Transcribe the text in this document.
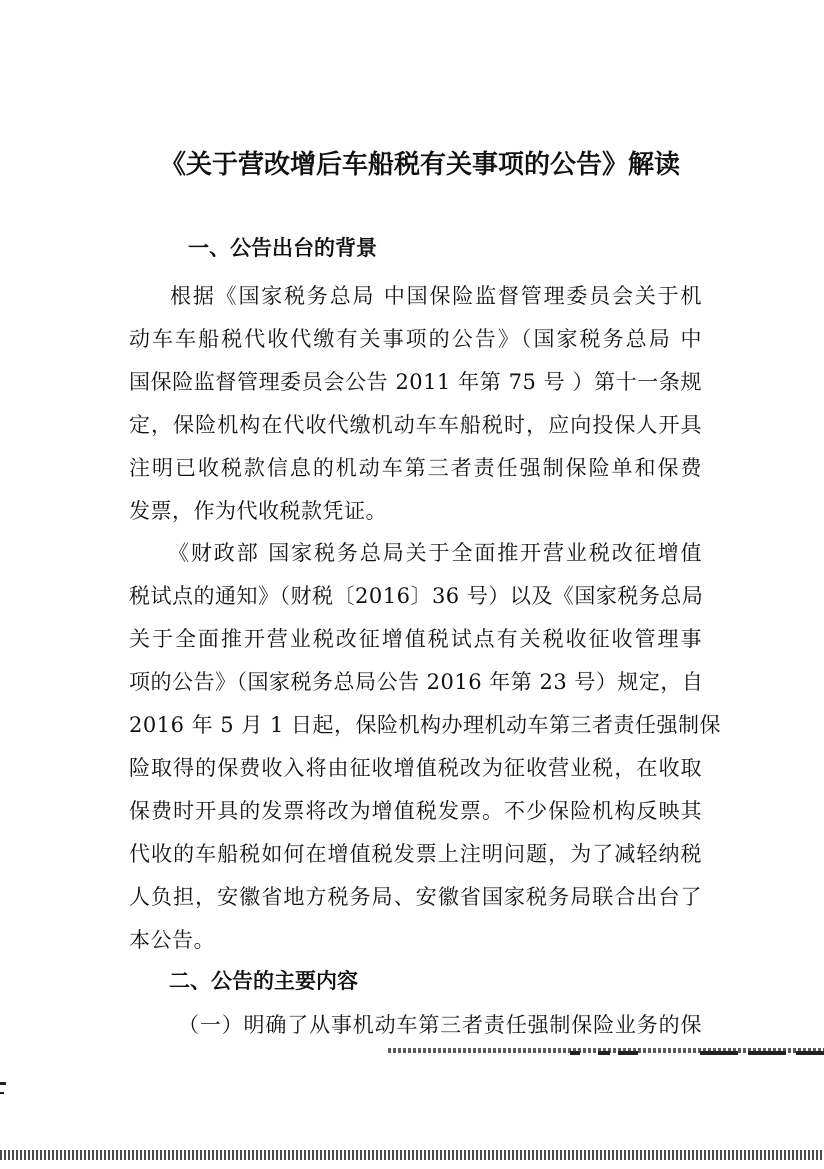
《关于营改增后车船税有关事项的公告》解读
一、公告出台的背景
根据《国家税务总局 中国保险监督管理委员会关于机
动车车船税代收代缴有关事项的公告》（国家税务总局 中
国保险监督管理委员会公告 2011 年第 75 号 ）第十一条规
定，保险机构在代收代缴机动车车船税时，应向投保人开具
注明已收税款信息的机动车第三者责任强制保险单和保费
发票，作为代收税款凭证。
《财政部 国家税务总局关于全面推开营业税改征增值
税试点的通知》（财税〔2016〕36 号）以及《国家税务总局
关于全面推开营业税改征增值税试点有关税收征收管理事
项的公告》（国家税务总局公告 2016 年第 23 号）规定，自
2016 年 5 月 1 日起，保险机构办理机动车第三者责任强制保
险取得的保费收入将由征收增值税改为征收营业税，在收取
保费时开具的发票将改为增值税发票。不少保险机构反映其
代收的车船税如何在增值税发票上注明问题，为了减轻纳税
人负担，安徽省地方税务局、安徽省国家税务局联合出台了
本公告。
二、公告的主要内容
（一）明确了从事机动车第三者责任强制保险业务的保
